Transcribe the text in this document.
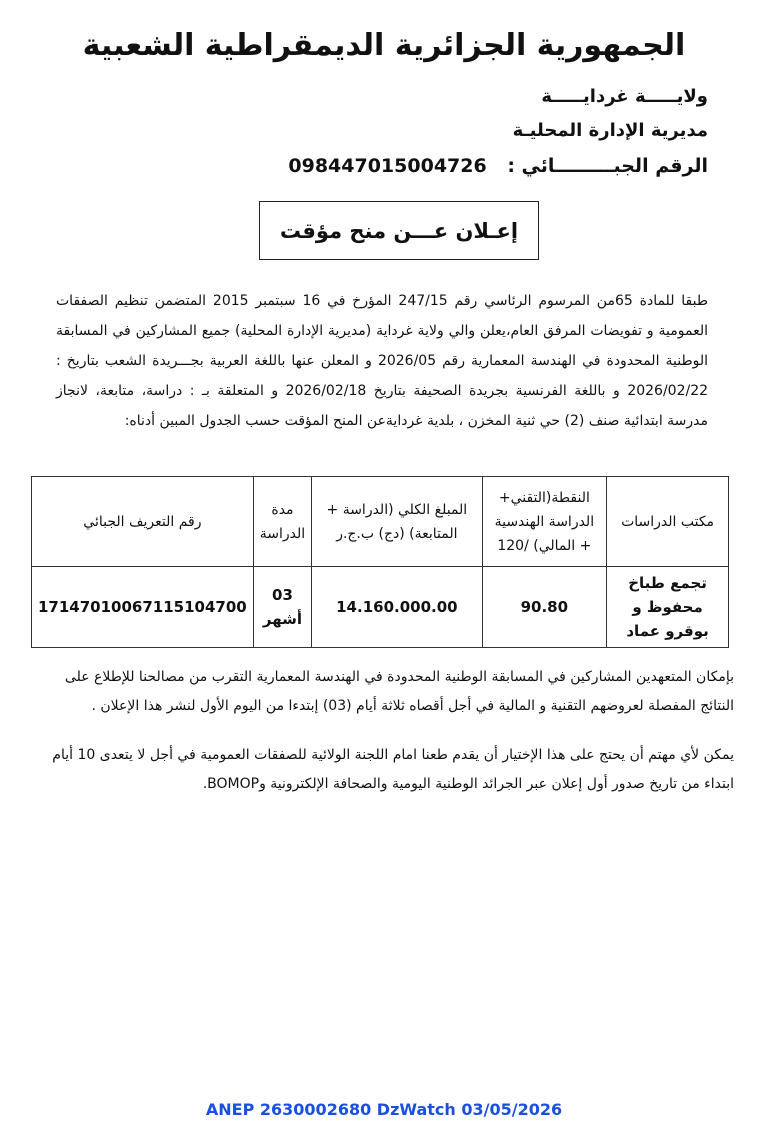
الجمهورية الجزائرية الديمقراطية الشعبية
ولايـــــة غردايـــــة
مديرية الإدارة المحليـة
الرقم الجبـــــــــائي : 098447015004726
إعـلان عـــن منح مؤقت

طبقا للمادة 65من المرسوم الرئاسي رقم 247/15 المؤرخ في 16 سبتمبر 2015 المتضمن تنظيم الصفقات العمومية و تفويضات المرفق العام،يعلن والي ولاية غرداية (مديرية الإدارة المحلية) جميع المشاركين في المسابقة الوطنية المحدودة في الهندسة المعمارية رقم 2026/05 و المعلن عنها باللغة العربية بجـــريدة الشعب بتاريخ : 2026/02/22 و باللغة الفرنسية بجريدة الصحيفة بتاريخ 2026/02/18 و المتعلقة بـ : دراسة، متابعة، لانجاز مدرسة ابتدائية صنف (2) حي ثنية المخزن ، بلدية غردايةعن المنح المؤقت حسب الجدول المبين أدناه:

مكتب الدراسات	النقطة(التقني+ الدراسة الهندسية + المالي) /120	المبلغ الكلي (الدراسة + المتابعة) (دج) ب.ج.ر	مدة الدراسة	رقم التعريف الجبائي
تجمع طباخ محفوظ و بوقرو عماد	90.80	14.160.000.00	03 أشهر	17147010067115104700

بإمكان المتعهدين المشاركين في المسابقة الوطنية المحدودة في الهندسة المعمارية التقرب من مصالحنا للإطلاع على النتائج المفصلة لعروضهم التقنية و المالية في أجل أقصاه ثلاثة أيام (03) إبتدءا من اليوم الأول لنشر هذا الإعلان .

يمكن لأي مهتم أن يحتج على هذا الإختيار أن يقدم طعنا امام اللجنة الولائية للصفقات العمومية في أجل لا يتعدى 10 أيام ابتداء من تاريخ صدور أول إعلان عبر الجرائد الوطنية اليومية والصحافة الإلكترونية وBOMOP.

ANEP 2630002680 DzWatch 03/05/2026
